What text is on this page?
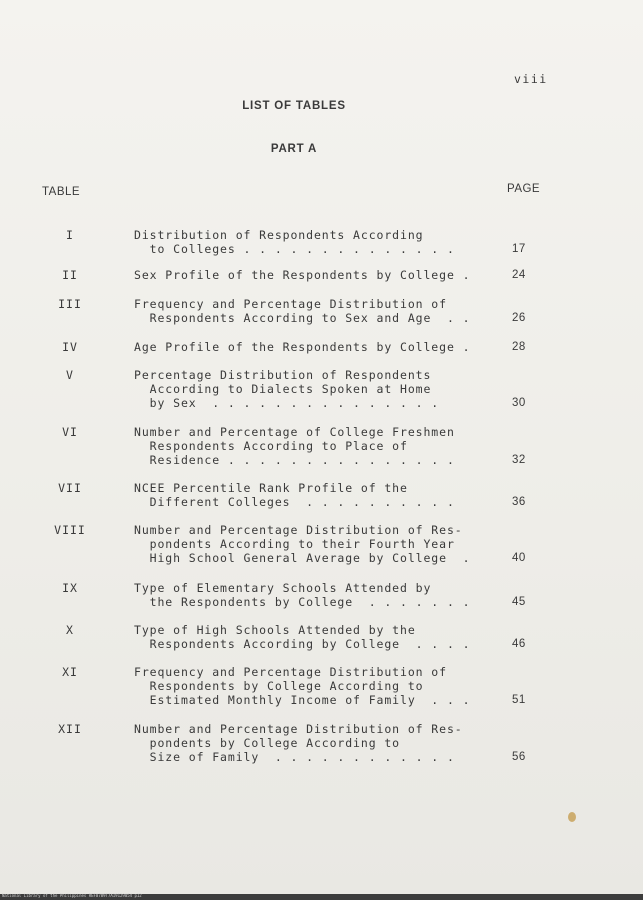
viii
LIST OF TABLES
PART A
TABLE	PAGE
I	Distribution of Respondents According
to Colleges . . . . . . . . . . . . . .	17
II	Sex Profile of the Respondents by College .	24
III	Frequency and Percentage Distribution of
Respondents According to Sex and Age  . .	26
IV	Age Profile of the Respondents by College .	28
V	Percentage Distribution of Respondents
According to Dialects Spoken at Home
by Sex  . . . . . . . . . . . . . . .	30
VI	Number and Percentage of College Freshmen
Respondents According to Place of
Residence . . . . . . . . . . . . . . .	32
VII	NCEE Percentile Rank Profile of the
Different Colleges  . . . . . . . . . .	36
VIII	Number and Percentage Distribution of Res-
pondents According to their Fourth Year
High School General Average by College  .	40
IX	Type of Elementary Schools Attended by
the Respondents by College  . . . . . . .	45
X	Type of High Schools Attended by the
Respondents According by College  . . . .	46
XI	Frequency and Percentage Distribution of
Respondents by College According to
Estimated Monthly Income of Family  . . .	51
XII	Number and Percentage Distribution of Res-
pondents by College According to
Size of Family  . . . . . . . . . . . .	56
National Library of the Philippines REF0709T7A19129054 p12
